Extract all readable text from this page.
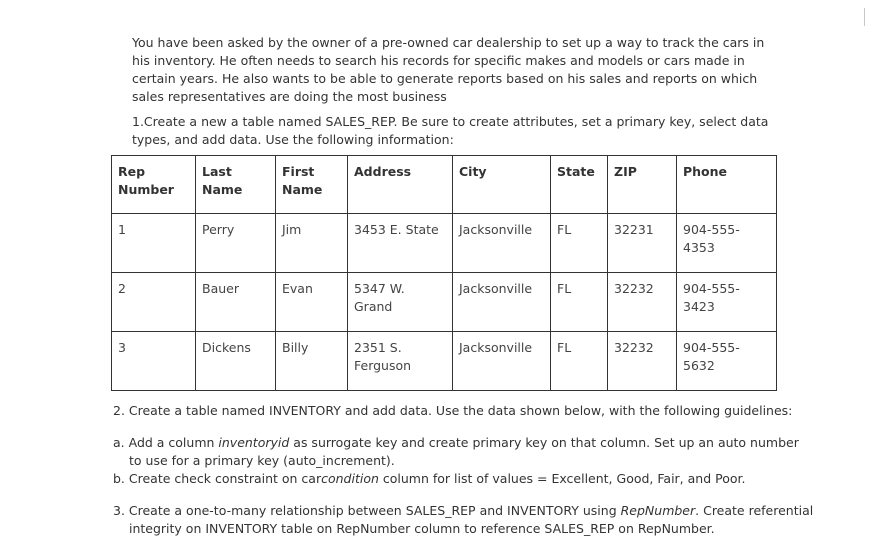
You have been asked by the owner of a pre-owned car dealership to set up a way to track the cars in his inventory. He often needs to search his records for specific makes and models or cars made in certain years. He also wants to be able to generate reports based on his sales and reports on which sales representatives are doing the most business

1.Create a new a table named SALES_REP. Be sure to create attributes, set a primary key, select data types, and add data. Use the following information:

Rep Number	Last Name	First Name	Address	City	State	ZIP	Phone
1	Perry	Jim	3453 E. State	Jacksonville	FL	32231	904-555-4353
2	Bauer	Evan	5347 W. Grand	Jacksonville	FL	32232	904-555-3423
3	Dickens	Billy	2351 S. Ferguson	Jacksonville	FL	32232	904-555-5632

2. Create a table named INVENTORY and add data. Use the data shown below, with the following guidelines:

a. Add a column inventoryid as surrogate key and create primary key on that column. Set up an auto number to use for a primary key (auto_increment).
b. Create check constraint on carcondition column for list of values = Excellent, Good, Fair, and Poor.
3. Create a one-to-many relationship between SALES_REP and INVENTORY using RepNumber. Create referential integrity on INVENTORY table on RepNumber column to reference SALES_REP on RepNumber.
